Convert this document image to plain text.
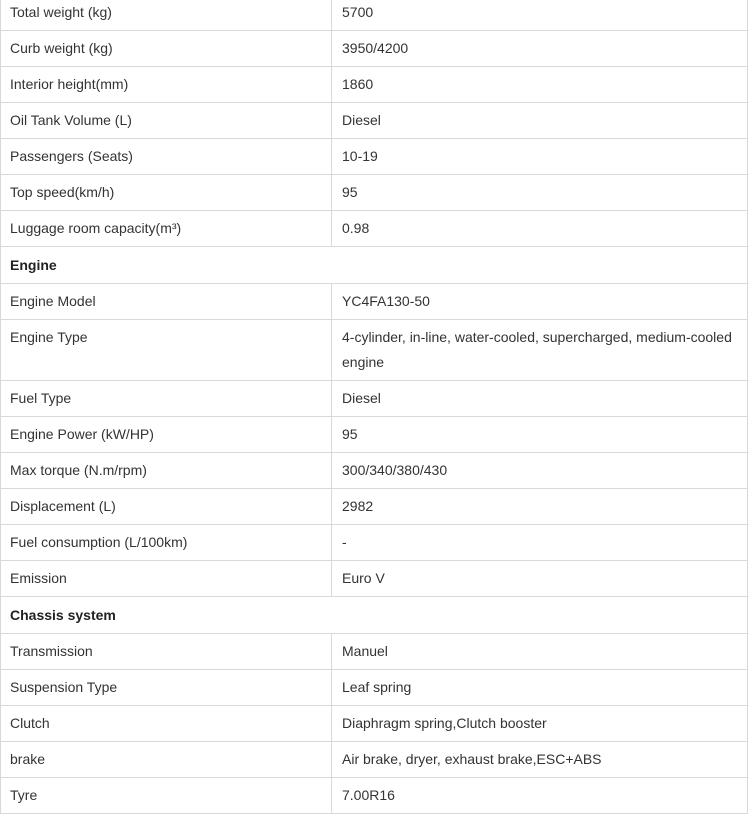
Total weight (kg)	5700
Curb weight (kg)	3950/4200
Interior height(mm)	1860
Oil Tank Volume (L)	Diesel
Passengers (Seats)	10-19
Top speed(km/h)	95
Luggage room capacity(m³)	0.98
Engine
Engine Model	YC4FA130-50
Engine Type	4-cylinder, in-line, water-cooled, supercharged, medium-cooled engine
Fuel Type	Diesel
Engine Power (kW/HP)	95
Max torque (N.m/rpm)	300/340/380/430
Displacement (L)	2982
Fuel consumption (L/100km)	-
Emission	Euro V
Chassis system
Transmission	Manuel
Suspension Type	Leaf spring
Clutch	Diaphragm spring,Clutch booster
brake	Air brake, dryer, exhaust brake,ESC+ABS
Tyre	7.00R16
